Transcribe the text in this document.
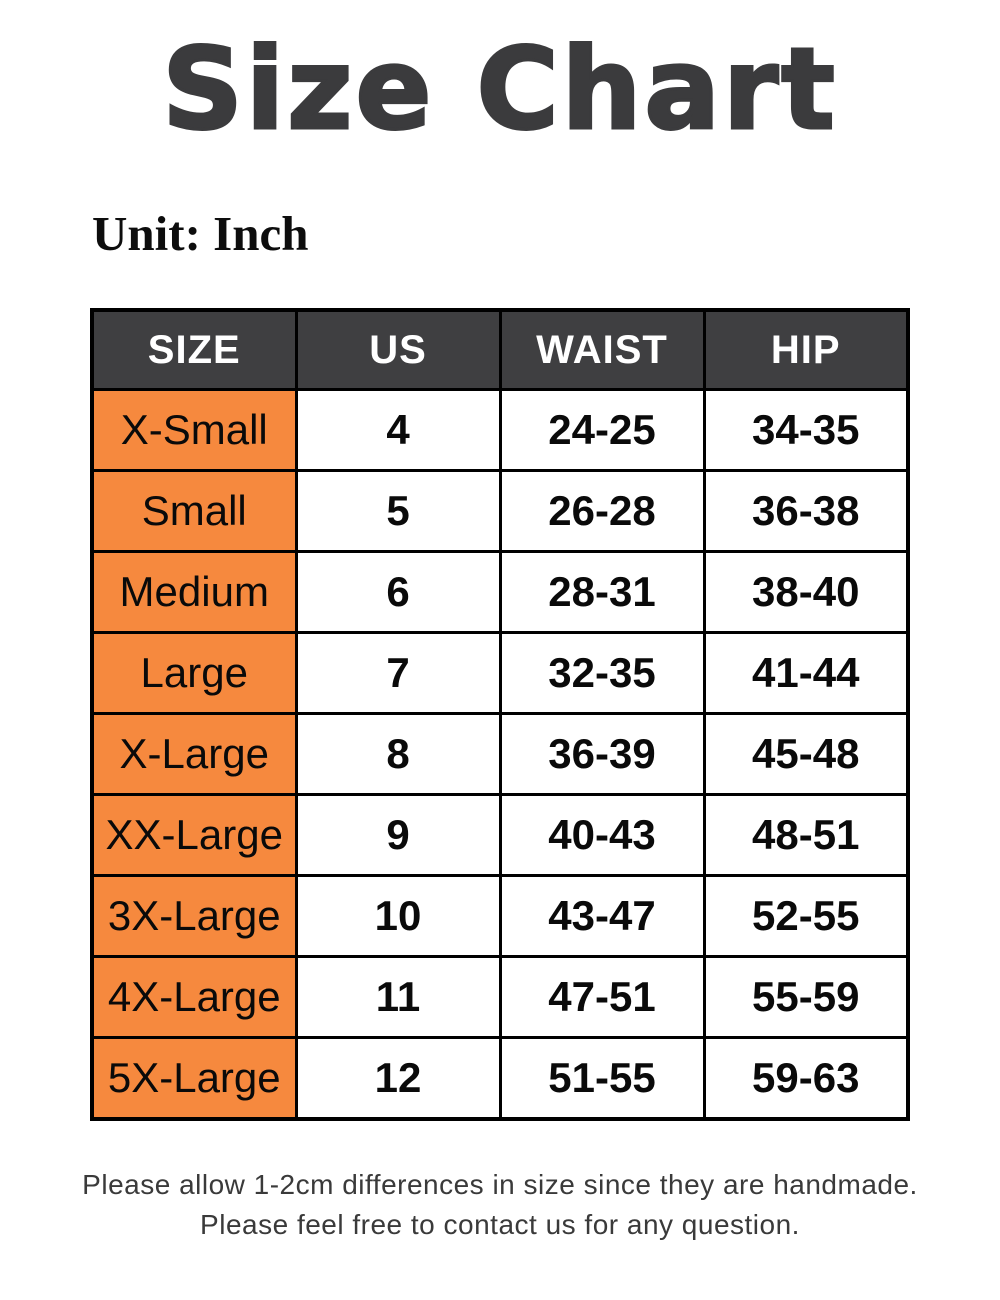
Size Chart
Unit: Inch
SIZE	US	WAIST	HIP
X-Small	4	24-25	34-35
Small	5	26-28	36-38
Medium	6	28-31	38-40
Large	7	32-35	41-44
X-Large	8	36-39	45-48
XX-Large	9	40-43	48-51
3X-Large	10	43-47	52-55
4X-Large	11	47-51	55-59
5X-Large	12	51-55	59-63
Please allow 1-2cm differences in size since they are handmade.
Please feel free to contact us for any question.
